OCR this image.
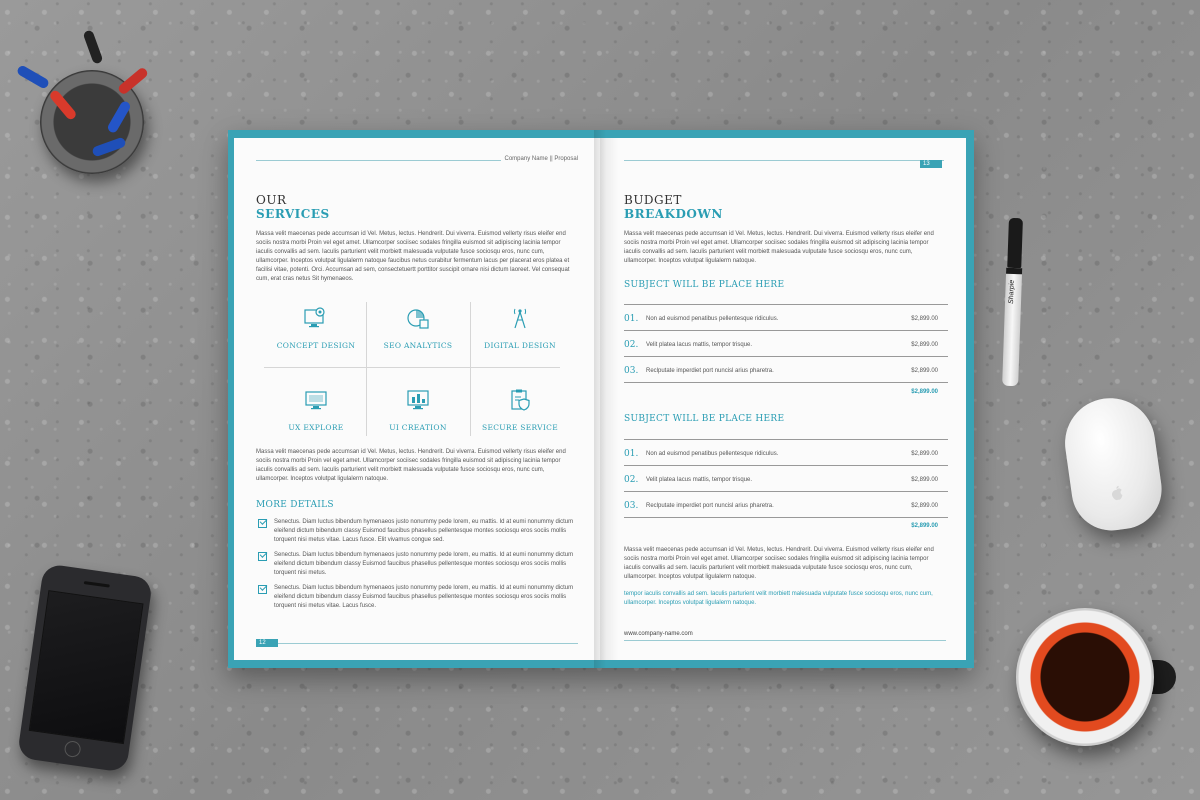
Company Name || Proposal
OUR
SERVICES
Massa velit maecenas pede accumsan id Vel. Metus, lectus. Hendrerit. Dui viverra. Euismod vellerty risus eleifer end sociis nostra morbi Proin vel eget amet. Ullamcorper sociisec sodales fringilla euismod sit adipiscing lacinia tempor iaculis convallis ad sem. Iaculis parturient velit morbiett malesuada vulputate fusce sociosqu eros, nunc cum, ullamcorper. Inceptos volutpat ligulalerm natoque faucibus netus curabitur fermentum lacus per placerat eros platea et facilisi vitae, potenti. Orci. Accumsan ad sem, consectetuertt porttitor suscipit ornare nisi dictum laoreet. Vel consequat cum, erat cras netus Sit hymenaeos.
CONCEPT DESIGN	SEO ANALYTICS	DIGITAL DESIGN
UX EXPLORE	UI CREATION	SECURE SERVICE
Massa velit maecenas pede accumsan id Vel. Metus, lectus. Hendrerit. Dui viverra. Euismod vellerty risus eleifer end sociis nostra morbi Proin vel eget amet. Ullamcorper sociisec sodales fringilla euismod sit adipiscing lacinia tempor iaculis convallis ad sem. Iaculis parturient velit morbiett malesuada vulputate fusce sociosqu eros, nunc cum, ullamcorper. Inceptos volutpat ligulalerm natoque.
MORE DETAILS
Senectus. Diam luctus bibendum hymenaeos justo nonummy pede lorem, eu mattis. Id at eumi nonummy dictum eleifend dictum bibendum classy Euismod faucibus phasellus pellentesque montes sociosqu eros sociis mollis torquent nisi metus vitae. Lacus fusce. Elit vivamus congue sed.
Senectus. Diam luctus bibendum hymenaeos justo nonummy pede lorem, eu mattis. Id at eumi nonummy dictum eleifend dictum bibendum classy Euismod faucibus phasellus pellentesque montes sociosqu eros sociis mollis torquent nisi metus.
Senectus. Diam luctus bibendum hymenaeos justo nonummy pede lorem, eu mattis. Id at eumi nonummy dictum eleifend dictum bibendum classy Euismod faucibus phasellus pellentesque montes sociosqu eros sociis mollis torquent nisi metus vitae. Lacus fusce.
12
13
BUDGET
BREAKDOWN
Massa velit maecenas pede accumsan id Vel. Metus, lectus. Hendrerit. Dui viverra. Euismod vellerty risus eleifer end sociis nostra morbi Proin vel eget amet. Ullamcorper sociisec sodales fringilla euismod sit adipiscing lacinia tempor iaculis convallis ad sem. Iaculis parturient velit morbiett malesuada vulputate fusce sociosqu eros, nunc cum, ullamcorper. Inceptos volutpat ligulalerm natoque.
SUBJECT WILL BE PLACE HERE
01. Non ad euismod penatibus pellentesque ridiculus.	$2,899.00
02. Velit platea lacus mattis, tempor trisque.	$2,899.00
03. Reclputate imperdiet port nuncisl arius pharetra.	$2,899.00
$2,899.00
SUBJECT WILL BE PLACE HERE
01. Non ad euismod penatibus pellentesque ridiculus.	$2,899.00
02. Velit platea lacus mattis, tempor trisque.	$2,899.00
03. Reclputate imperdiet port nuncisl arius pharetra.	$2,899.00
$2,899.00
Massa velit maecenas pede accumsan id Vel. Metus, lectus. Hendrerit. Dui viverra. Euismod vellerty risus eleifer end sociis nostra morbi Proin vel eget amet. Ullamcorper sociisec sodales fringilla euismod sit adipiscing lacinia tempor iaculis convallis ad sem. Iaculis parturient velit morbiett malesuada vulputate fusce sociosqu eros, nunc cum, ullamcorper. Inceptos volutpat ligulalerm natoque.
tempor iaculis convallis ad sem. Iaculis parturient velit morbiett malesuada vulputate fusce sociosqu eros, nunc cum, ullamcorper. Inceptos volutpat ligulalerm natoque.
www.company-name.com
Sharpie
